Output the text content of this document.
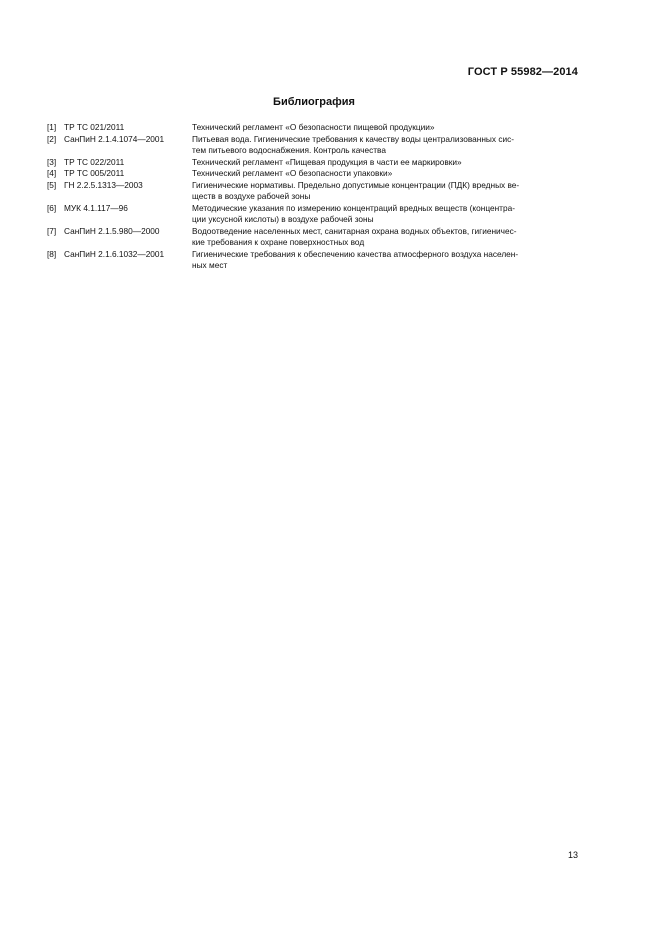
ГОСТ Р 55982—2014
Библиография
[1] ТР ТС 021/2011	Технический регламент «О безопасности пищевой продукции»
[2] СанПиН 2.1.4.1074—2001	Питьевая вода. Гигиенические требования к качеству воды централизованных сис-
тем питьевого водоснабжения. Контроль качества
[3] ТР ТС 022/2011	Технический регламент «Пищевая продукция в части ее маркировки»
[4] ТР ТС 005/2011	Технический регламент «О безопасности упаковки»
[5] ГН 2.2.5.1313—2003	Гигиенические нормативы. Предельно допустимые концентрации (ПДК) вредных ве-
ществ в воздухе рабочей зоны
[6] МУК 4.1.117—96	Методические указания по измерению концентраций вредных веществ (концентра-
ции уксусной кислоты) в воздухе рабочей зоны
[7] СанПиН 2.1.5.980—2000	Водоотведение населенных мест, санитарная охрана водных объектов, гигиеничес-
кие требования к охране поверхностных вод
[8] СанПиН 2.1.6.1032—2001	Гигиенические требования к обеспечению качества атмосферного воздуха населен-
ных мест
13
